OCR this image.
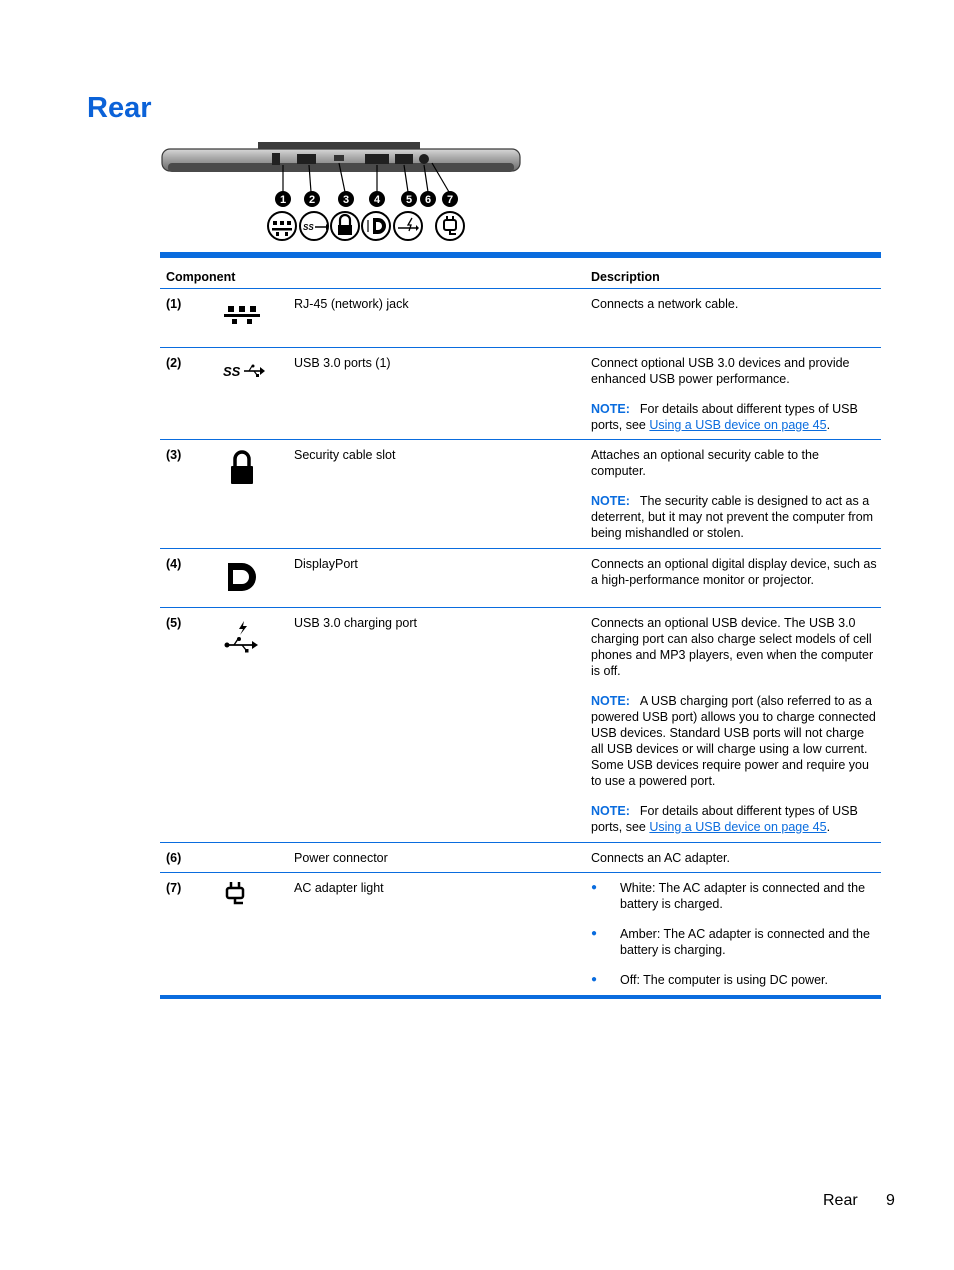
Rear
1 2	3 4 5 6 7
SS
Component	Description
(1)	RJ-45 (network) jack	Connects a network cable.

(2)
SS
USB 3.0 ports (1)	Connect optional USB 3.0 devices and provide enhanced USB power performance.

NOTE: For details about different types of USB ports, see Using a USB device on page 45.

(3)	Security cable slot	Attaches an optional security cable to the computer.

NOTE: The security cable is designed to act as a deterrent, but it may not prevent the computer from being mishandled or stolen.

(4)	DisplayPort	Connects an optional digital display device, such as a high-performance monitor or projector.

(5)	USB 3.0 charging port	Connects an optional USB device. The USB 3.0 charging port can also charge select models of cell phones and MP3 players, even when the computer is off.

NOTE: A USB charging port (also referred to as a powered USB port) allows you to charge connected USB devices. Standard USB ports will not charge all USB devices or will charge using a low current. Some USB devices require power and require you to use a powered port.

NOTE: For details about different types of USB ports, see Using a USB device on page 45.

(6)	Power connector	Connects an AC adapter.

(7)	AC adapter light
●	White: The AC adapter is connected and the battery is charged.
● Amber: The AC adapter is connected and the battery is charging.
● Off: The computer is using DC power.
Rear 9
